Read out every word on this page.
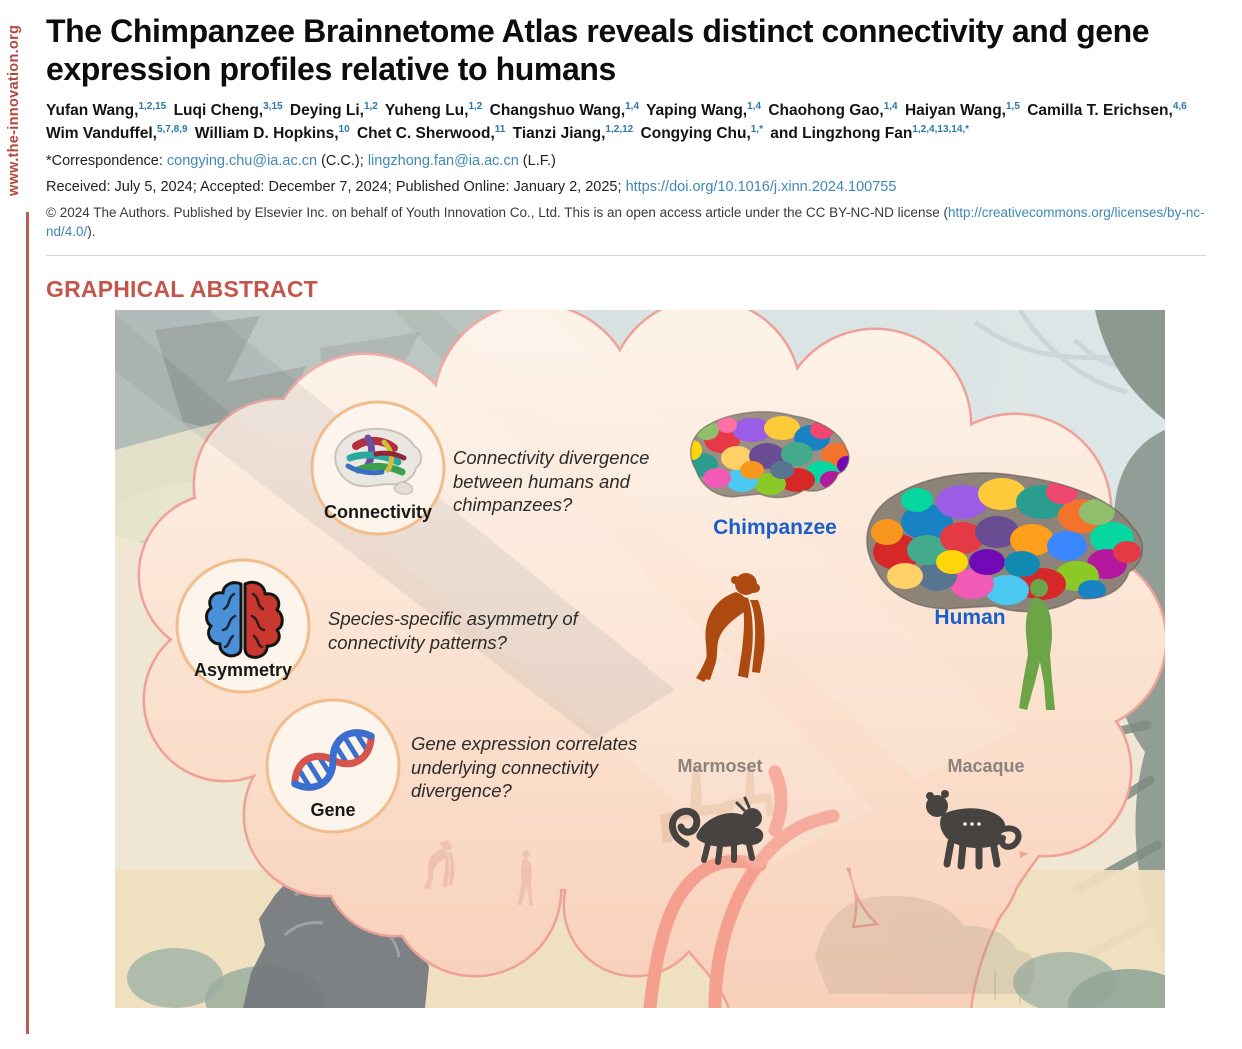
www.the-innovation.org The Chimpanzee Brainnetome Atlas reveals distinct connectivity and gene expression profiles relative to humans

Yufan Wang,$^{1,2,15}$ Luqi Cheng,$^{3,15}$ Deying Li,$^{1,2}$ Yuheng Lu,$^{1,2}$ Changshuo Wang,$^{1,4}$ Yaping Wang,$^{1,4}$ Chaohong Gao,$^{1,4}$ Haiyan Wang,$^{1,5}$ Camilla T. Erichsen,$^{4,6}$ Wim Vanduffel,$^{5,7,8,9}$ William D. Hopkins,$^{10}$ Chet C. Sherwood,$^{11}$ Tianzi Jiang,$^{1,2,12}$ Congying Chu,$^{1,*}$ and Lingzhong Fan$^{1,2,4,13,14,*}$

*Correspondence: congying.chu@ia.ac.cn (C.C.); lingzhong.fan@ia.ac.cn (L.F.)

Received: July 5, 2024; Accepted: December 7, 2024; Published Online: January 2, 2025; https://doi.org/10.1016/j.xinn.2024.100755

© 2024 The Authors. Published by Elsevier Inc. on behalf of Youth Innovation Co., Ltd. This is an open access article under the CC BY-NC-ND license (http://creativecommons.org/licenses/by-nc-nd/4.0/).

GRAPHICAL ABSTRACT
Connectivity
Asymmetry
Gene
Connectivity divergence between humans and chimpanzees?
Species-specific asymmetry of connectivity patterns?
Gene expression correlates underlying connectivity divergence?
Chimpanzee
Human
Marmoset	Macaque
